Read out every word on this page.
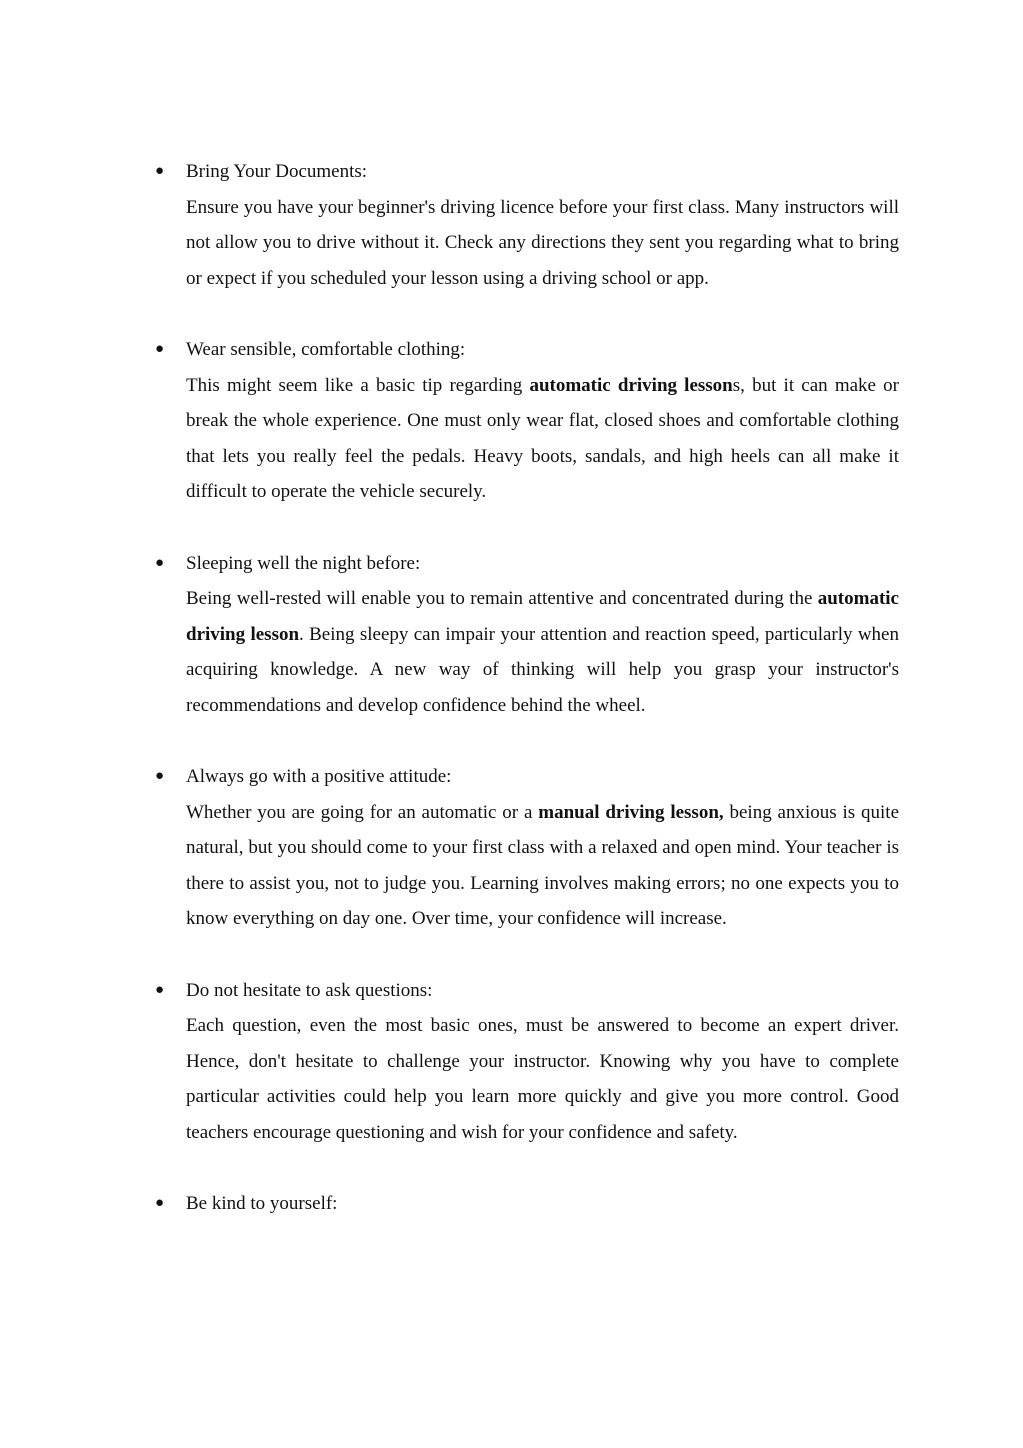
● Bring Your Documents:

Ensure you have your beginner's driving licence before your first class. Many instructors will not allow you to drive without it. Check any directions they sent you regarding what to bring or expect if you scheduled your lesson using a driving school or app.

● Wear sensible, comfortable clothing:

This might seem like a basic tip regarding automatic driving lessons, but it can make or break the whole experience. One must only wear flat, closed shoes and comfortable clothing that lets you really feel the pedals. Heavy boots, sandals, and high heels can all make it difficult to operate the vehicle securely.

● Sleeping well the night before:

Being well-rested will enable you to remain attentive and concentrated during the automatic driving lesson. Being sleepy can impair your attention and reaction speed, particularly when acquiring knowledge. A new way of thinking will help you grasp your instructor's recommendations and develop confidence behind the wheel.

● Always go with a positive attitude:

Whether you are going for an automatic or a manual driving lesson, being anxious is quite natural, but you should come to your first class with a relaxed and open mind. Your teacher is there to assist you, not to judge you. Learning involves making errors; no one expects you to know everything on day one. Over time, your confidence will increase.

● Do not hesitate to ask questions:

Each question, even the most basic ones, must be answered to become an expert driver. Hence, don't hesitate to challenge your instructor. Knowing why you have to complete particular activities could help you learn more quickly and give you more control. Good teachers encourage questioning and wish for your confidence and safety.

● Be kind to yourself:
